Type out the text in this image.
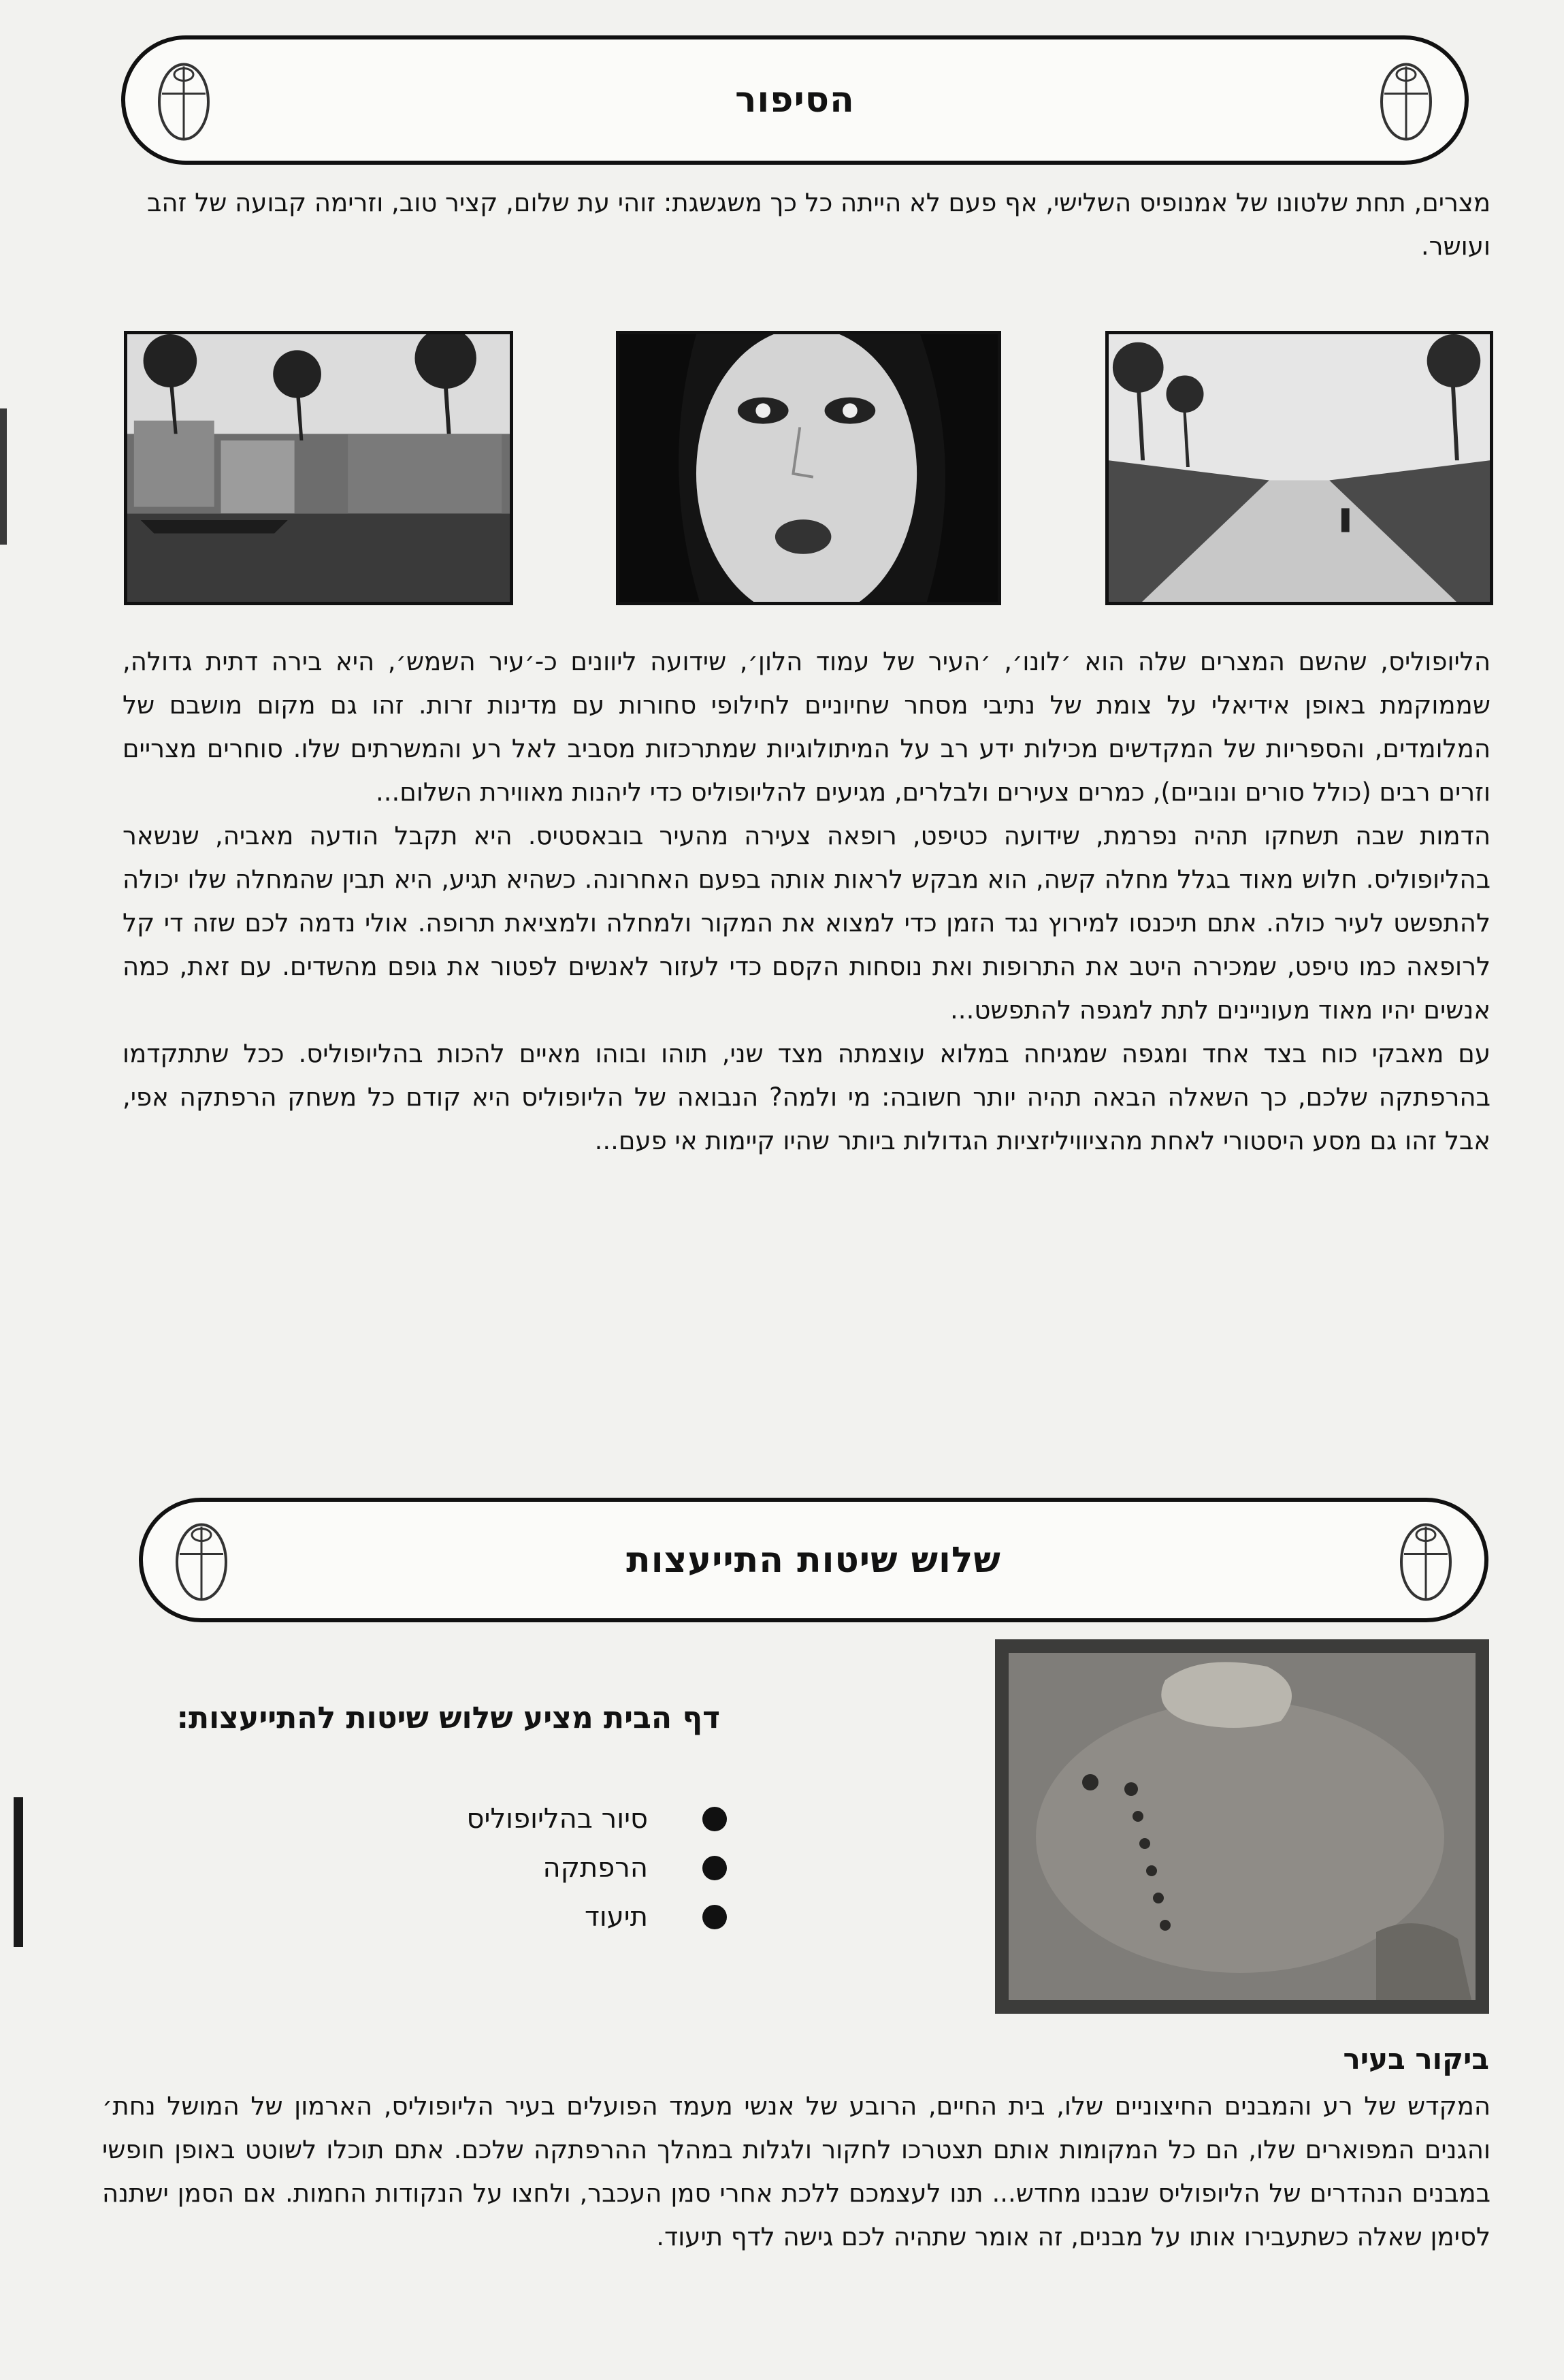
הסיפור
מצרים, תחת שלטונו של אמנופיס השלישי, אף פעם לא הייתה כל כך משגשגת: זוהי עת שלום, קציר טוב, וזרימה קבועה של זהב ועושר.

הליופוליס, שהשם המצרים שלה הוא ׳לונו׳, ׳העיר של עמוד הלון׳, שידועה ליוונים כ-׳עיר השמש׳, היא בירה דתית גדולה, שממוקמת באופן אידיאלי על צומת של נתיבי מסחר שחיוניים לחילופי סחורות עם מדינות זרות. זהו גם מקום מושבם של המלומדים, והספריות של המקדשים מכילות ידע רב על המיתולוגיות שמתרכזות מסביב לאל רע והמשרתים שלו. סוחרים מצריים וזרים רבים (כולל סורים ונוביים), כמרים צעירים ולבלרים, מגיעים להליופוליס כדי ליהנות מאווירת השלום...

הדמות שבה תשחקו תהיה נפרמת, שידועה כטיפט, רופאה צעירה מהעיר בובאסטיס. היא תקבל הודעה מאביה, שנשאר בהליופוליס. חלוש מאוד בגלל מחלה קשה, הוא מבקש לראות אותה בפעם האחרונה. כשהיא תגיע, היא תבין שהמחלה שלו יכולה להתפשט לעיר כולה. אתם תיכנסו למירוץ נגד הזמן כדי למצוא את המקור ולמחלה ולמציאת תרופה. אולי נדמה לכם שזה די קל לרופאה כמו טיפט, שמכירה היטב את התרופות ואת נוסחות הקסם כדי לעזור לאנשים לפטור את גופם מהשדים. עם זאת, כמה אנשים יהיו מאוד מעוניינים לתת למגפה להתפשט...

עם מאבקי כוח בצד אחד ומגפה שמגיחה במלוא עוצמתה מצד שני, תוהו ובוהו מאיים להכות בהליופוליס. ככל שתתקדמו בהרפתקה שלכם, כך השאלה הבאה תהיה יותר חשובה: מי ולמה? הנבואה של הליופוליס היא קודם כל משחק הרפתקה אפי, אבל זהו גם מסע היסטורי לאחת מהציוויליזציות הגדולות ביותר שהיו קיימות אי פעם...

שלוש שיטות התייעצות
דף הבית מציע שלוש שיטות להתייעצות:
סיור בהליופוליס
הרפתקה
תיעוד
ביקור בעיר
המקדש של רע והמבנים החיצוניים שלו, בית החיים, הרובע של אנשי מעמד הפועלים בעיר הליופוליס, הארמון של המושל נחת׳ והגנים המפוארים שלו, הם כל המקומות אותם תצטרכו לחקור ולגלות במהלך ההרפתקה שלכם. אתם תוכלו לשוטט באופן חופשי במבנים הנהדרים של הליופוליס שנבנו מחדש... תנו לעצמכם ללכת אחרי סמן העכבר, ולחצו על הנקודות החמות. אם הסמן ישתנה לסימן שאלה כשתעבירו אותו על מבנים, זה אומר שתהיה לכם גישה לדף תיעוד.
